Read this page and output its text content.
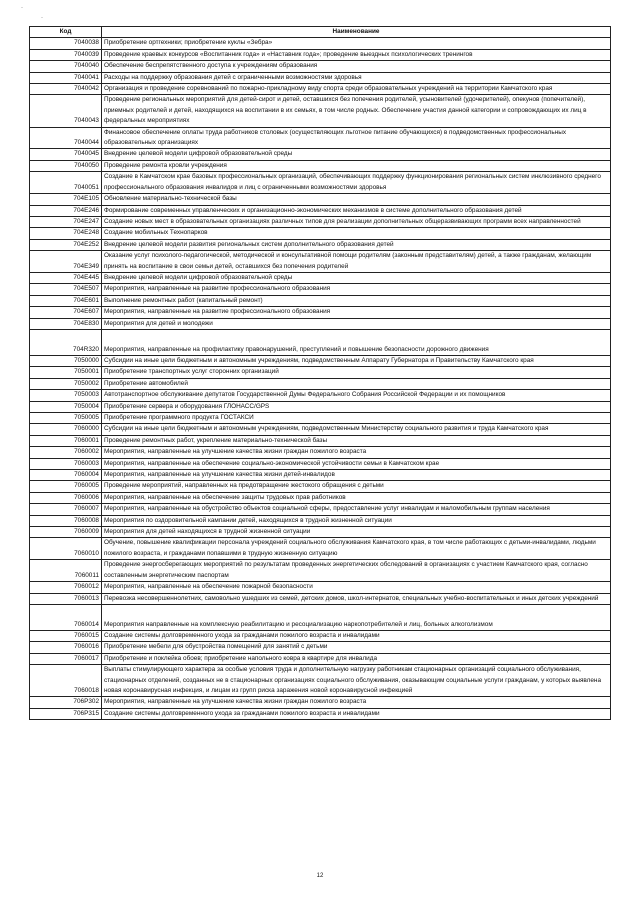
·
·
Код	Наименование
7040038	Приобретение ортгехники; приобретение куклы «Зебра»
7040039	Проведение краевых конкурсов «Воспитанник года» и «Наставник года»; проведение выездных психологических тренингов
7040040	Обеспечение беспрепятственного доступа к учреждениям образования
7040041	Расходы на поддержку образования детей с ограниченными возможностями здоровья
7040042	Организация и проведение соревнований по пожарно-прикладному виду спорта среди образовательных учреждений на территории Камчатского края
7040043	Проведение региональных мероприятий для детей-сирот и детей, оставшихся без попечения родителей, усыновителей (удочерителей), опекунов (попечителей), приемных родителей и детей, находящихся на воспитании в их семьях, в том числе родных. Обеспечение участия данной категории и сопровождающих их лиц в федеральных мероприятиях
7040044	Финансовое обеспечение оплаты труда работников столовых (осуществляющих льготное питание обучающихся) в подведомственных профессиональных образовательных организациях
7040045	Внедрение целевой модели цифровой образовательной среды
7040050	Проведение ремонта кровли учреждения
7040051	Создание в Камчатском крае базовых профессиональных организаций, обеспечивающих поддержку функционирования региональных систем инклюзивного среднего профессионального образования инвалидов и лиц с ограниченными возможностями здоровья
704E105	Обновление материально-технической базы
704E246	Формирование современных управленческих и организационно-экономических механизмов в системе дополнительного образования детей
704E247	Создание новых мест в образовательных организациях различных типов для реализации дополнительных общеразвивающих программ всех направленностей
704E248	Создание мобильных Технопарков
704E252	Внедрение целевой модели развития региональных систем дополнительного образования детей
704E349	Оказание услуг психолого-педагогической, методической и консультативной помощи родителям (законным представителям) детей, а также гражданам, желающим принять на воспитание в свои семьи детей, оставшихся без попечения родителей
704E445	Внедрение целевой модели цифровой образовательной среды
704E507	Мероприятия, направленные на развитие профессионального образования
704E601	Выполнение ремонтных работ (капитальный ремонт)
704E607	Мероприятия, направленные на развитие профессионального образования
704E830	Мероприятия для детей и молодежи
704R320	Мероприятия, направленные на профилактику правонарушений, преступлений и повышение безопасности дорожного движения
7050000	Субсидии на иные цели бюджетным и автономным учреждениям, подведомственным Аппарату Губернатора и Правительству Камчатского края
7050001	Приобретение транспортных услуг сторонних организаций
7050002	Приобретение автомобилей
7050003	Автотранспортное обслуживание депутатов Государственной Думы Федерального Собрания Российской Федерации и их помощников
7050004	Приобретение сервера и оборудования ГЛОНАСС/GPS
7050005	Приобретение программного продукта ГОСТАКСИ
7060000	Субсидии на иные цели бюджетным и автономным учреждениям, подведомственным Министерству социального развития и труда Камчатского края
7060001	Проведение ремонтных работ, укрепление материально-технической базы
7060002	Мероприятия, направленные на улучшение качества жизни граждан пожилого возраста
7060003	Мероприятия, направленные на обеспечение социально-экономической устойчивости семьи в Камчатском крае
7060004	Мероприятия, направленные на улучшение качества жизни детей-инвалидов
7060005	Проведение мероприятий, направленных на предотвращение жестокого обращения с детьми
7060006	Мероприятия, направленные на обеспечение защиты трудовых прав работников
7060007	Мероприятия, направленные на обустройство объектов социальной сферы, предоставление услуг инвалидам и маломобильным группам населения
7060008	Мероприятия по оздоровительной кампании детей, находящихся в трудной жизненной ситуации
7060009	Мероприятия для детей находящихся в трудной жизненной ситуации
7060010	Обучение, повышение квалификации персонала учреждений социального обслуживания Камчатского края, в том числе работающих с детьми-инвалидами, людьми пожилого возраста, и гражданами попавшими в трудную жизненную ситуацию
7060011	Проведение энергосберегающих мероприятий по результатам проведенных энергетических обследований в организациях с участием Камчатского края, согласно составленным энергетическим паспортам
7060012	Мероприятия, направленные на обеспечение пожарной безопасности
7060013	Перевозка несовершеннолетних, самовольно ушедших из семей, детских домов, школ-интернатов, специальных учебно-воспитательных и иных детских учреждений
7060014	Мероприятия направленные на комплексную реабилитацию и ресоциализацию наркопотребителей и лиц, больных алкоголизмом
7060015	Создание системы долговременного ухода за гражданами пожилого возраста и инвалидами
7060016	Приобретение мебели для обустройства помещений для занятий с детьми
7060017	Приобретение и поклейка обоев; приобретение напольного ковра в квартире для инвалида
7060018	Выплаты стимулирующего характера за особые условия труда и дополнительную нагрузку работникам стационарных организаций социального обслуживания, стационарных отделений, созданных не в стационарных организациях социального обслуживания, оказывающим социальные услуги гражданам, у которых выявлена новая коронавирусная инфекция, и лицам из групп риска заражения новой коронавирусной инфекцией
706P302	Мероприятия, направленные на улучшение качества жизни граждан пожилого возраста
706P315	Создание системы долговременного ухода за гражданами пожилого возраста и инвалидами
12
